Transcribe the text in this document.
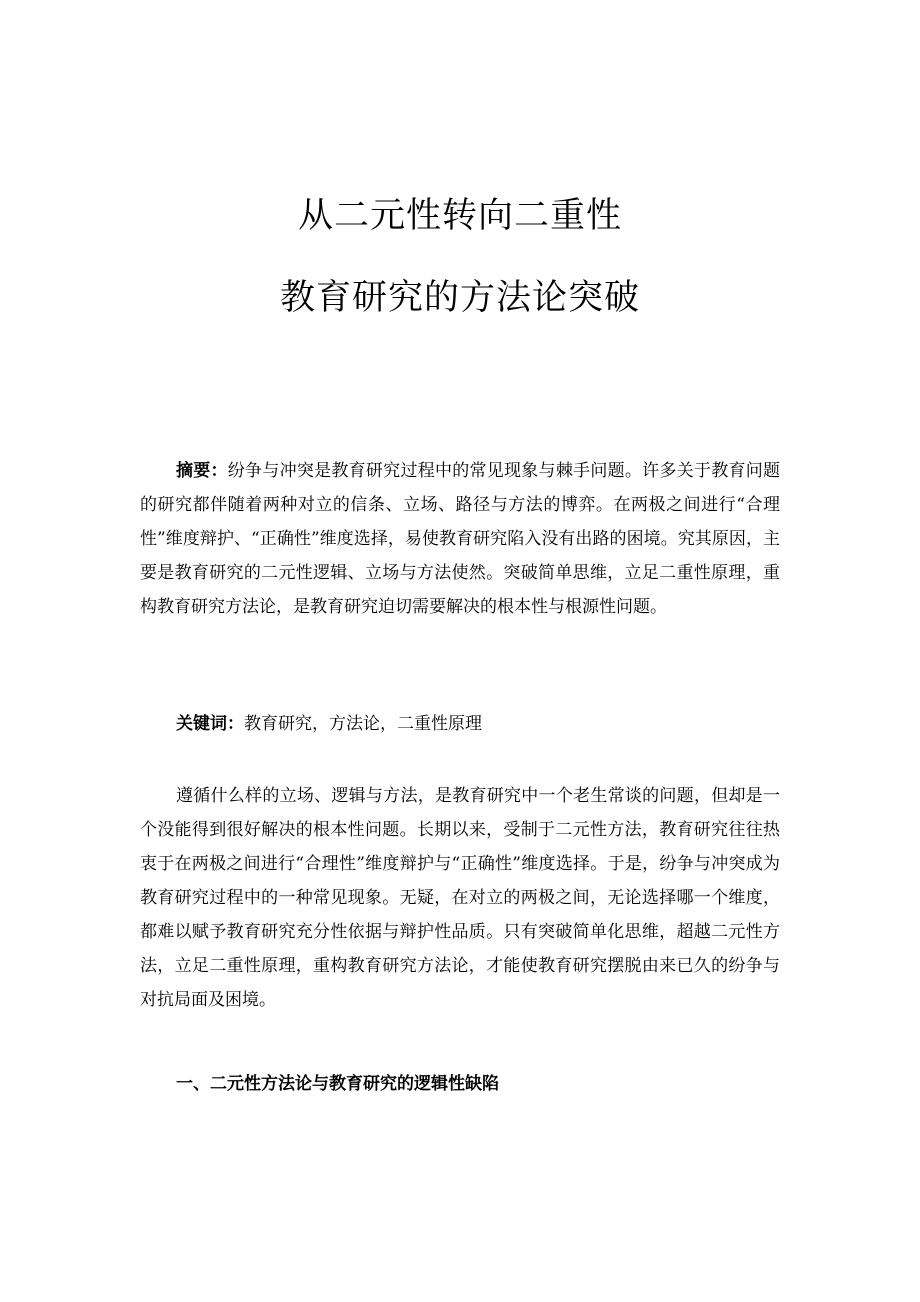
从二元性转向二重性
教育研究的方法论突破

摘要：纷争与冲突是教育研究过程中的常见现象与棘手问题。许多关于教育问题的研究都伴随着两种对立的信条、立场、路径与方法的博弈。在两极之间进行“合理性”维度辩护、“正确性”维度选择，易使教育研究陷入没有出路的困境。究其原因，主要是教育研究的二元性逻辑、立场与方法使然。突破简单思维，立足二重性原理，重构教育研究方法论，是教育研究迫切需要解决的根本性与根源性问题。

关键词：教育研究，方法论，二重性原理

遵循什么样的立场、逻辑与方法，是教育研究中一个老生常谈的问题，但却是一个没能得到很好解决的根本性问题。长期以来，受制于二元性方法，教育研究往往热衷于在两极之间进行“合理性”维度辩护与“正确性”维度选择。于是，纷争与冲突成为教育研究过程中的一种常见现象。无疑，在对立的两极之间，无论选择哪一个维度，都难以赋予教育研究充分性依据与辩护性品质。只有突破简单化思维，超越二元性方法，立足二重性原理，重构教育研究方法论，才能使教育研究摆脱由来已久的纷争与对抗局面及困境。

一、二元性方法论与教育研究的逻辑性缺陷
